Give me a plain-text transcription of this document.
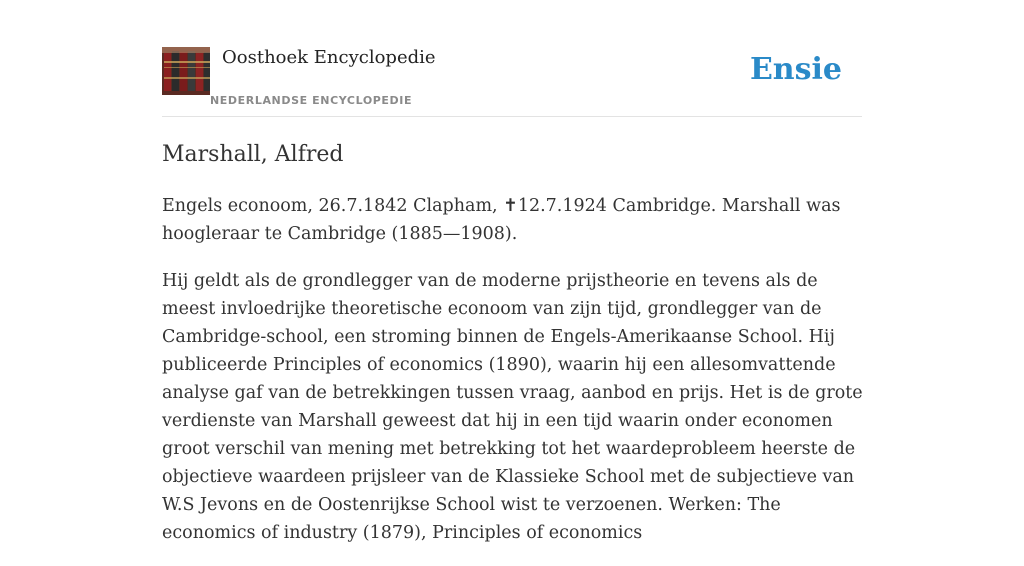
Oosthoek Encyclopedie
NEDERLANDSE ENCYCLOPEDIE
Ensie
Marshall, Alfred

Engels econoom, 26.7.1842 Clapham, ✝12.7.1924 Cambridge. Marshall was hoogleraar te Cambridge (1885—1908).

Hij geldt als de grondlegger van de moderne prijstheorie en tevens als de meest invloedrijke theoretische econoom van zijn tijd, grondlegger van de Cambridge-school, een stroming binnen de Engels-Amerikaanse School. Hij publiceerde Principles of economics (1890), waarin hij een allesomvattende analyse gaf van de betrekkingen tussen vraag, aanbod en prijs. Het is de grote verdienste van Marshall geweest dat hij in een tijd waarin onder economen groot verschil van mening met betrekking tot het waardeprobleem heerste de objectieve waardeen prijsleer van de Klassieke School met de subjectieve van W.S Jevons en de Oostenrijkse School wist te verzoenen. Werken: The economics of industry (1879), Principles of economics
